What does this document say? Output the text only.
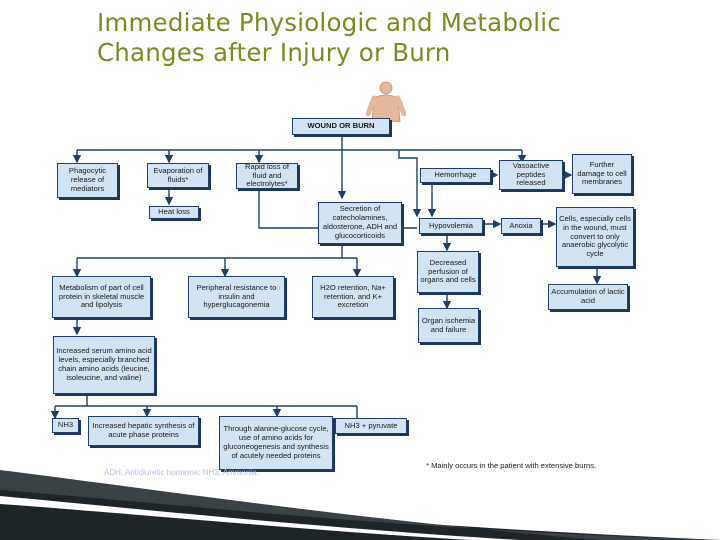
Immediate Physiologic and Metabolic
Changes after Injury or Burn
WOUND OR BURN
Phagocytic release of mediators
Evaporation of fluids*
Rapid loss of fluid and electrolytes*
Heat loss
Hemorrhage
Vasoactive peptides released
Further damage to cell membranes
Secretion of catecholamines, aldosterone, ADH and glucocorticoids
Hypovolemia	Anoxia
Cells, especially cells in the wound, must convert to only anaerobic glycolytic cycle
Decreased perfusion of organs and cells
Accumulation of lactic acid
Metabolism of part of cell protein in skeletal muscle and lipolysis
Peripheral resistance to insulin and hyperglucagonemia
H2O retention, Na+ retention, and K+ excretion
Organ ischemia and failure
Increased serum amino acid levels, especially branched chain amino acids (leucine, isoleucine, and valine)
NH3	Increased hepatic synthesis of acute phase proteins
Through alanine-glucose cycle, use of amino acids for gluconeogenesis and synthesis of acutely needed proteins
NH3 + pyruvate
ADH, Antidiuretic hormone; NH3, Ammonia.
* Mainly occurs in the patient with extensive burns.
